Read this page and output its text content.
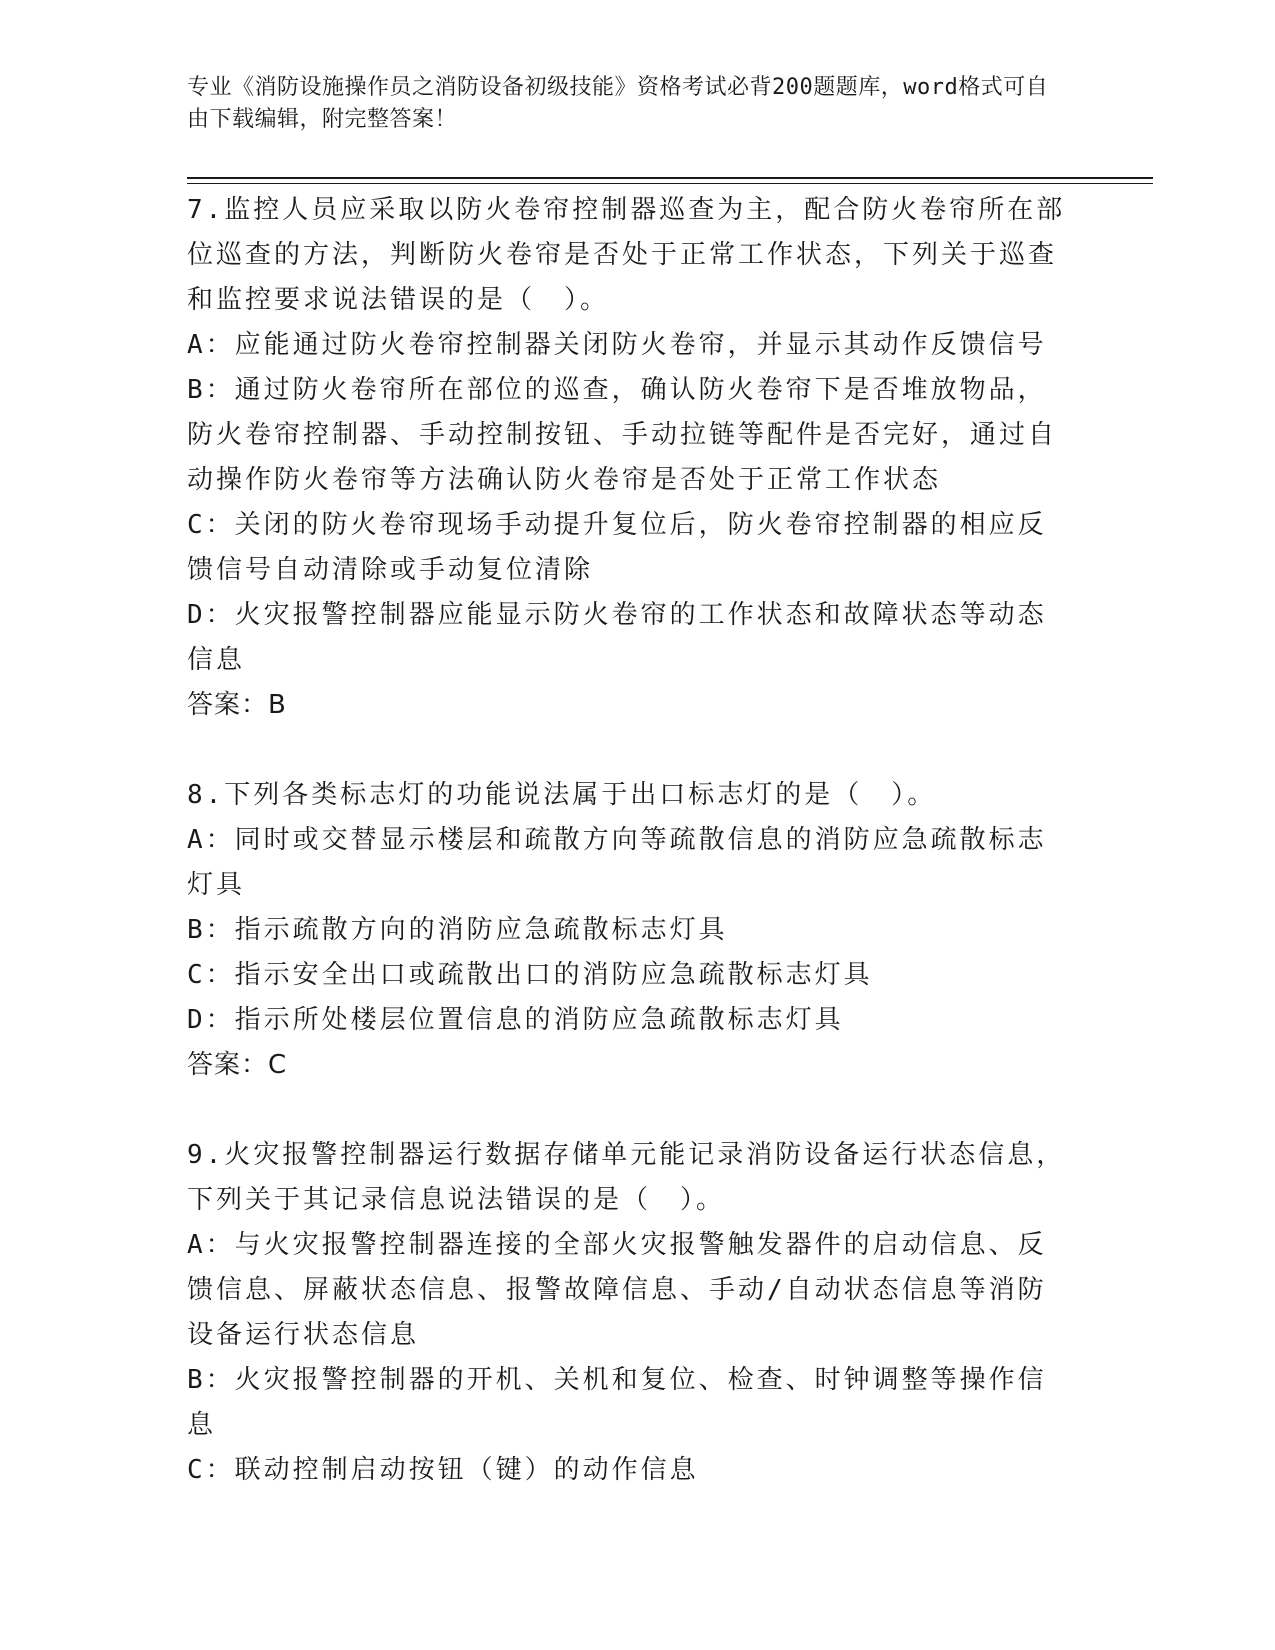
专业《消防设施操作员之消防设备初级技能》资格考试必背200题题库，word格式可自由下载编辑，附完整答案！

7.监控人员应采取以防火卷帘控制器巡查为主，配合防火卷帘所在部位巡查的方法，判断防火卷帘是否处于正常工作状态，下列关于巡查和监控要求说法错误的是（　）。

A：应能通过防火卷帘控制器关闭防火卷帘，并显示其动作反馈信号

B：通过防火卷帘所在部位的巡查，确认防火卷帘下是否堆放物品，防火卷帘控制器、手动控制按钮、手动拉链等配件是否完好，通过自动操作防火卷帘等方法确认防火卷帘是否处于正常工作状态

C：关闭的防火卷帘现场手动提升复位后，防火卷帘控制器的相应反馈信号自动清除或手动复位清除

D：火灾报警控制器应能显示防火卷帘的工作状态和故障状态等动态信息

答案：B

8.下列各类标志灯的功能说法属于出口标志灯的是（　）。

A：同时或交替显示楼层和疏散方向等疏散信息的消防应急疏散标志灯具

B：指示疏散方向的消防应急疏散标志灯具

C：指示安全出口或疏散出口的消防应急疏散标志灯具

D：指示所处楼层位置信息的消防应急疏散标志灯具

答案：C

9.火灾报警控制器运行数据存储单元能记录消防设备运行状态信息，下列关于其记录信息说法错误的是（　）。

A：与火灾报警控制器连接的全部火灾报警触发器件的启动信息、反馈信息、屏蔽状态信息、报警故障信息、手动/自动状态信息等消防设备运行状态信息

B：火灾报警控制器的开机、关机和复位、检查、时钟调整等操作信息

C：联动控制启动按钮（键）的动作信息
